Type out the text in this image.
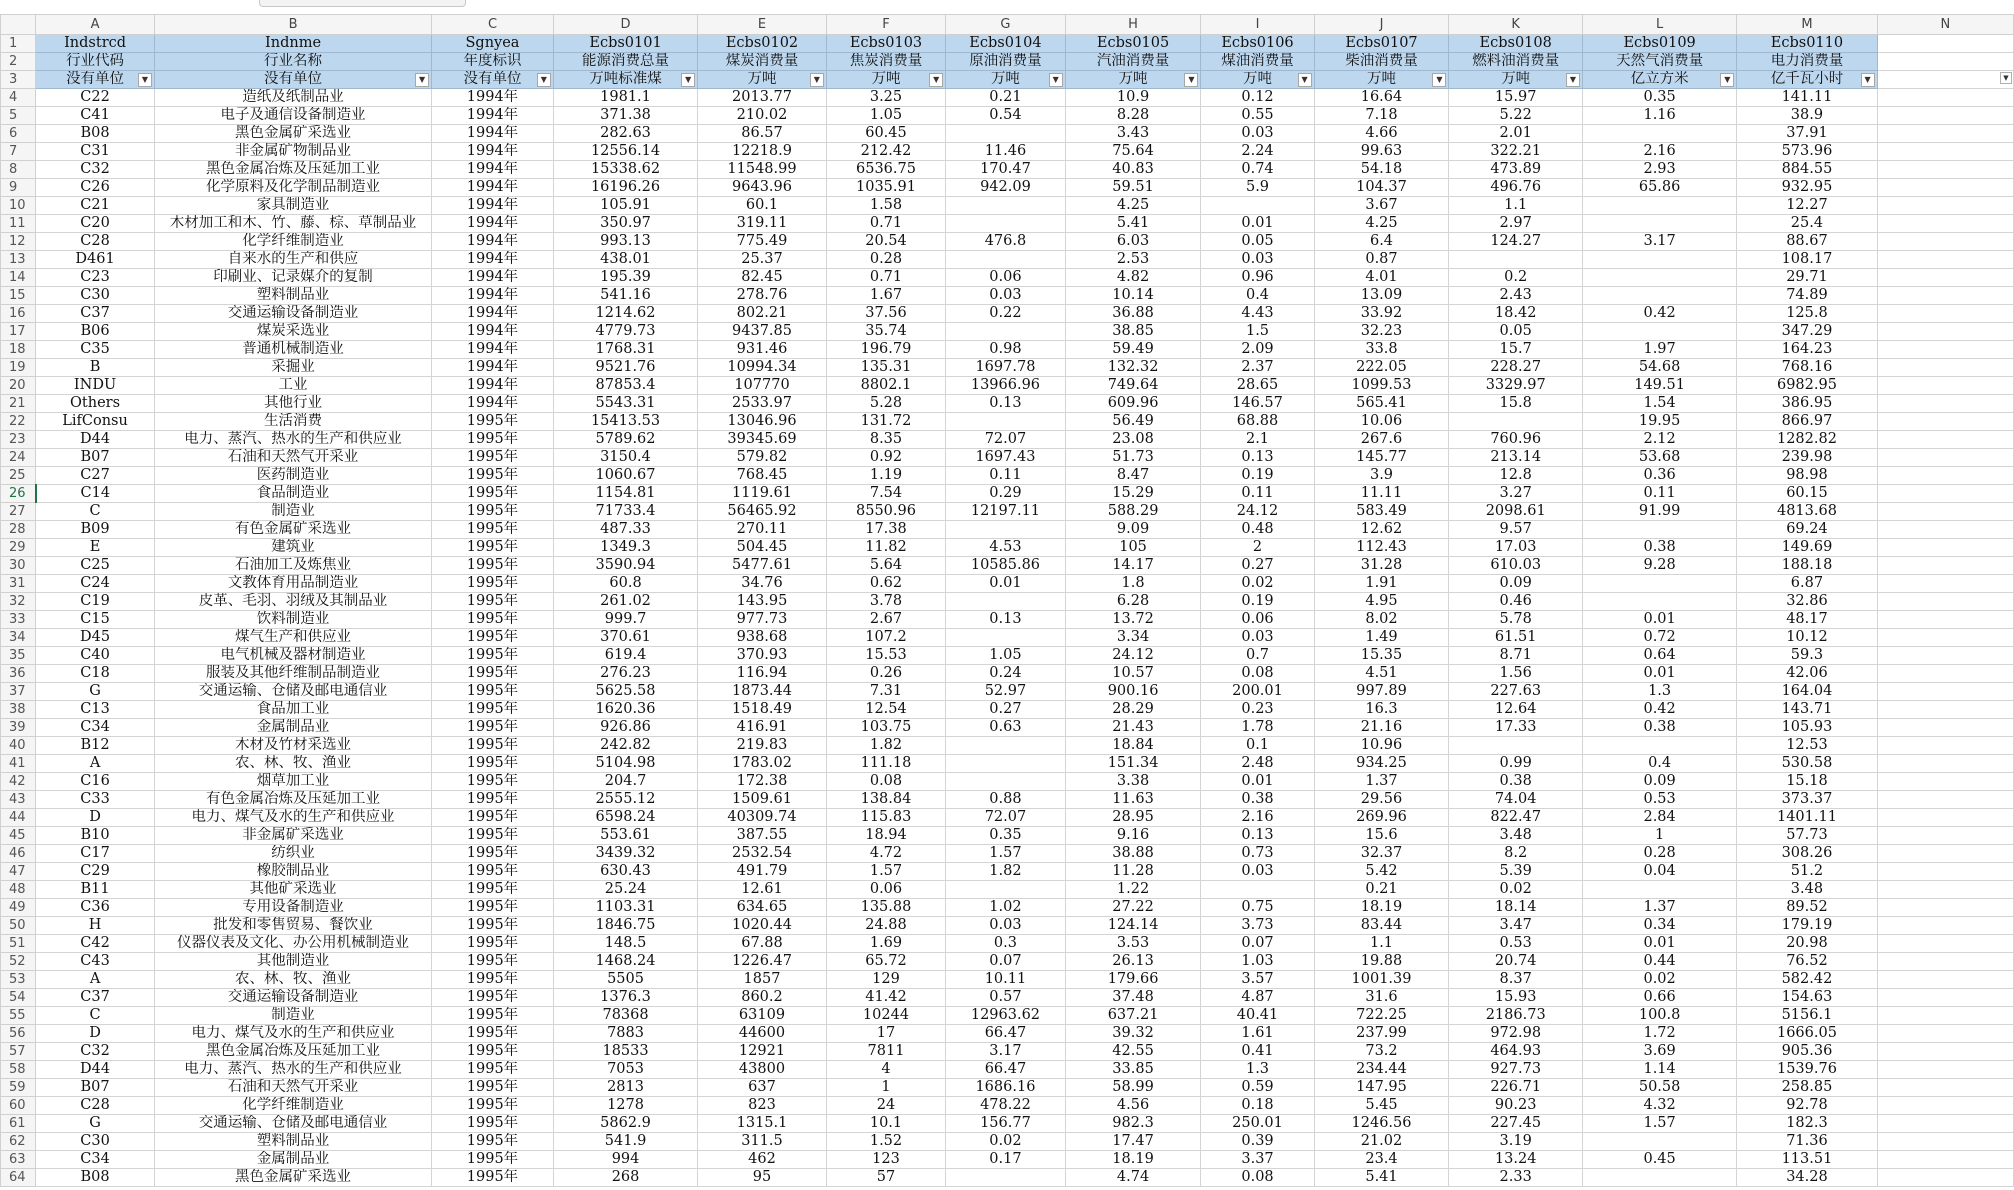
	A	B	C	D	E	F	G	H	I	J	K	L	M	N
1	Indstrcd	Indnme	Sgnyea	Ecbs0101	Ecbs0102	Ecbs0103	Ecbs0104	Ecbs0105	Ecbs0106	Ecbs0107	Ecbs0108	Ecbs0109	Ecbs0110	
2	行业代码	行业名称	年度标识	能源消费总量	煤炭消费量	焦炭消费量	原油消费量	汽油消费量	煤油消费量	柴油消费量	燃料油消费量	天然气消费量	电力消费量	
3	没有单位 ▼	没有单位 ▼	没有单位 ▼	万吨标准煤 ▼	万吨 ▼	万吨 ▼	万吨 ▼	万吨 ▼	万吨 ▼	万吨 ▼	万吨 ▼	亿立方米 ▼	亿千瓦小时 ▼	

4	C22	造纸及纸制品业	1994年	1981.1	2013.77	3.25	0.21	10.9	0.12	16.64	15.97	0.35	141.11	
5	C41	电子及通信设备制造业	1994年	371.38	210.02	1.05	0.54	8.28	0.55	7.18	5.22	1.16	38.9	
6	B08	黑色金属矿采选业	1994年	282.63	86.57	60.45		3.43	0.03	4.66	2.01		37.91	
7	C31	非金属矿物制品业	1994年	12556.14	12218.9	212.42	11.46	75.64	2.24	99.63	322.21	2.16	573.96	
8	C32	黑色金属冶炼及压延加工业	1994年	15338.62	11548.99	6536.75	170.47	40.83	0.74	54.18	473.89	2.93	884.55	
9	C26	化学原料及化学制品制造业	1994年	16196.26	9643.96	1035.91	942.09	59.51	5.9	104.37	496.76	65.86	932.95	
10	C21	家具制造业	1994年	105.91	60.1	1.58		4.25		3.67	1.1		12.27	
11	C20	木材加工和木、竹、藤、棕、草制品业	1994年	350.97	319.11	0.71		5.41	0.01	4.25	2.97		25.4	
12	C28	化学纤维制造业	1994年	993.13	775.49	20.54	476.8	6.03	0.05	6.4	124.27	3.17	88.67	
13	D461	自来水的生产和供应	1994年	438.01	25.37	0.28		2.53	0.03	0.87			108.17	
14	C23	印刷业、记录媒介的复制	1994年	195.39	82.45	0.71	0.06	4.82	0.96	4.01	0.2		29.71	
15	C30	塑料制品业	1994年	541.16	278.76	1.67	0.03	10.14	0.4	13.09	2.43		74.89	
16	C37	交通运输设备制造业	1994年	1214.62	802.21	37.56	0.22	36.88	4.43	33.92	18.42	0.42	125.8	
17	B06	煤炭采选业	1994年	4779.73	9437.85	35.74		38.85	1.5	32.23	0.05		347.29	
18	C35	普通机械制造业	1994年	1768.31	931.46	196.79	0.98	59.49	2.09	33.8	15.7	1.97	164.23	
19	B	采掘业	1994年	9521.76	10994.34	135.31	1697.78	132.32	2.37	222.05	228.27	54.68	768.16	
20	INDU	工业	1994年	87853.4	107770	8802.1	13966.96	749.64	28.65	1099.53	3329.97	149.51	6982.95	
21	Others	其他行业	1994年	5543.31	2533.97	5.28	0.13	609.96	146.57	565.41	15.8	1.54	386.95	
22	LifConsu	生活消费	1995年	15413.53	13046.96	131.72		56.49	68.88	10.06		19.95	866.97	
23	D44	电力、蒸汽、热水的生产和供应业	1995年	5789.62	39345.69	8.35	72.07	23.08	2.1	267.6	760.96	2.12	1282.82	
24	B07	石油和天然气开采业	1995年	3150.4	579.82	0.92	1697.43	51.73	0.13	145.77	213.14	53.68	239.98	
25	C27	医药制造业	1995年	1060.67	768.45	1.19	0.11	8.47	0.19	3.9	12.8	0.36	98.98	
26	C14	食品制造业	1995年	1154.81	1119.61	7.54	0.29	15.29	0.11	11.11	3.27	0.11	60.15	
27	C	制造业	1995年	71733.4	56465.92	8550.96	12197.11	588.29	24.12	583.49	2098.61	91.99	4813.68	
28	B09	有色金属矿采选业	1995年	487.33	270.11	17.38		9.09	0.48	12.62	9.57		69.24	
29	E	建筑业	1995年	1349.3	504.45	11.82	4.53	105	2	112.43	17.03	0.38	149.69	
30	C25	石油加工及炼焦业	1995年	3590.94	5477.61	5.64	10585.86	14.17	0.27	31.28	610.03	9.28	188.18	
31	C24	文教体育用品制造业	1995年	60.8	34.76	0.62	0.01	1.8	0.02	1.91	0.09		6.87	
32	C19	皮革、毛羽、羽绒及其制品业	1995年	261.02	143.95	3.78		6.28	0.19	4.95	0.46		32.86	
33	C15	饮料制造业	1995年	999.7	977.73	2.67	0.13	13.72	0.06	8.02	5.78	0.01	48.17	
34	D45	煤气生产和供应业	1995年	370.61	938.68	107.2		3.34	0.03	1.49	61.51	0.72	10.12	
35	C40	电气机械及器材制造业	1995年	619.4	370.93	15.53	1.05	24.12	0.7	15.35	8.71	0.64	59.3	
36	C18	服装及其他纤维制品制造业	1995年	276.23	116.94	0.26	0.24	10.57	0.08	4.51	1.56	0.01	42.06	
37	G	交通运输、仓储及邮电通信业	1995年	5625.58	1873.44	7.31	52.97	900.16	200.01	997.89	227.63	1.3	164.04	
38	C13	食品加工业	1995年	1620.36	1518.49	12.54	0.27	28.29	0.23	16.3	12.64	0.42	143.71	
39	C34	金属制品业	1995年	926.86	416.91	103.75	0.63	21.43	1.78	21.16	17.33	0.38	105.93	
40	B12	木材及竹材采选业	1995年	242.82	219.83	1.82		18.84	0.1	10.96			12.53	
41	A	农、林、牧、渔业	1995年	5104.98	1783.02	111.18		151.34	2.48	934.25	0.99	0.4	530.58	
42	C16	烟草加工业	1995年	204.7	172.38	0.08		3.38	0.01	1.37	0.38	0.09	15.18	
43	C33	有色金属冶炼及压延加工业	1995年	2555.12	1509.61	138.84	0.88	11.63	0.38	29.56	74.04	0.53	373.37	
44	D	电力、煤气及水的生产和供应业	1995年	6598.24	40309.74	115.83	72.07	28.95	2.16	269.96	822.47	2.84	1401.11	
45	B10	非金属矿采选业	1995年	553.61	387.55	18.94	0.35	9.16	0.13	15.6	3.48	1	57.73	
46	C17	纺织业	1995年	3439.32	2532.54	4.72	1.57	38.88	0.73	32.37	8.2	0.28	308.26	
47	C29	橡胶制品业	1995年	630.43	491.79	1.57	1.82	11.28	0.03	5.42	5.39	0.04	51.2	
48	B11	其他矿采选业	1995年	25.24	12.61	0.06		1.22		0.21	0.02		3.48	
49	C36	专用设备制造业	1995年	1103.31	634.65	135.88	1.02	27.22	0.75	18.19	18.14	1.37	89.52	
50	H	批发和零售贸易、餐饮业	1995年	1846.75	1020.44	24.88	0.03	124.14	3.73	83.44	3.47	0.34	179.19	
51	C42	仪器仪表及文化、办公用机械制造业	1995年	148.5	67.88	1.69	0.3	3.53	0.07	1.1	0.53	0.01	20.98	
52	C43	其他制造业	1995年	1468.24	1226.47	65.72	0.07	26.13	1.03	19.88	20.74	0.44	76.52	
53	A	农、林、牧、渔业	1995年	5505	1857	129	10.11	179.66	3.57	1001.39	8.37	0.02	582.42	
54	C37	交通运输设备制造业	1995年	1376.3	860.2	41.42	0.57	37.48	4.87	31.6	15.93	0.66	154.63	
55	C	制造业	1995年	78368	63109	10244	12963.62	637.21	40.41	722.25	2186.73	100.8	5156.1	
56	D	电力、煤气及水的生产和供应业	1995年	7883	44600	17	66.47	39.32	1.61	237.99	972.98	1.72	1666.05	
57	C32	黑色金属冶炼及压延加工业	1995年	18533	12921	7811	3.17	42.55	0.41	73.2	464.93	3.69	905.36	
58	D44	电力、蒸汽、热水的生产和供应业	1995年	7053	43800	4	66.47	33.85	1.3	234.44	927.73	1.14	1539.76	
59	B07	石油和天然气开采业	1995年	2813	637	1	1686.16	58.99	0.59	147.95	226.71	50.58	258.85	
60	C28	化学纤维制造业	1995年	1278	823	24	478.22	4.56	0.18	5.45	90.23	4.32	92.78	
61	G	交通运输、仓储及邮电通信业	1995年	5862.9	1315.1	10.1	156.77	982.3	250.01	1246.56	227.45	1.57	182.3	
62	C30	塑料制品业	1995年	541.9	311.5	1.52	0.02	17.47	0.39	21.02	3.19		71.36	
63	C34	金属制品业	1995年	994	462	123	0.17	18.19	3.37	23.4	13.24	0.45	113.51	
64	B08	黑色金属矿采选业	1995年	268	95	57		4.74	0.08	5.41	2.33		34.28	
▼
